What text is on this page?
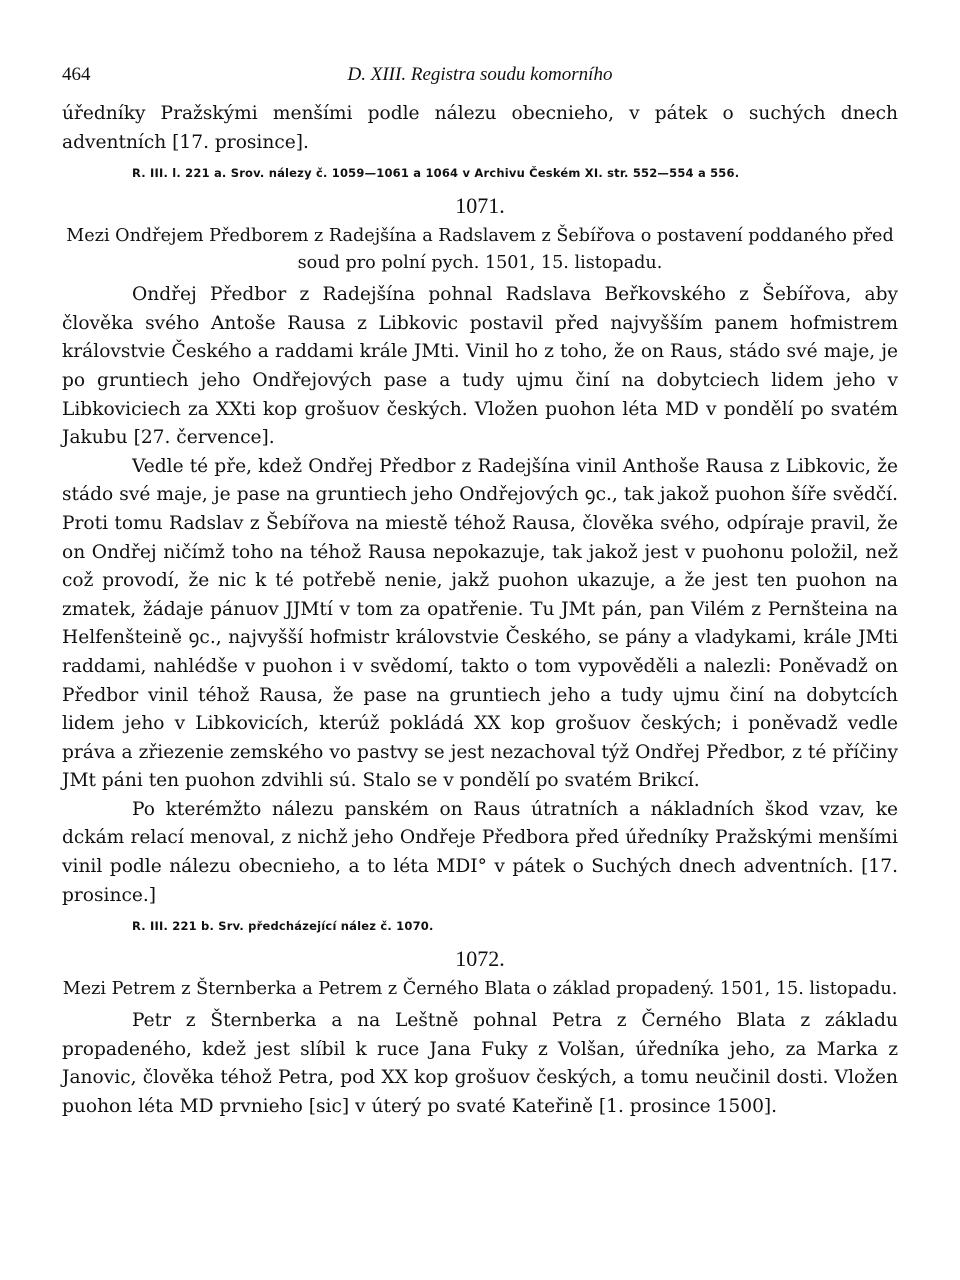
464	D. XIII. Registra soudu komorního

úředníky Pražskými menšími podle nálezu obecnieho, v pátek o suchých dnech adventních [17. prosince].

R. III. l. 221 a. Srov. nálezy č. 1059—1061 a 1064 v Archivu Českém XI. str. 552—554 a 556.
1071.
Mezi Ondřejem Předborem z Radejšína a Radslavem z Šebířova o postavení poddaného před soud pro polní pych. 1501, 15. listopadu.

Ondřej Předbor z Radejšína pohnal Radslava Beřkovského z Šebířova, aby člověka svého Antoše Rausa z Libkovic postavil před najvyšším panem hofmistrem královstvie Českého a raddami krále JMti. Vinil ho z toho, že on Raus, stádo své maje, je po gruntiech jeho Ondřejových pase a tudy ujmu činí na dobytciech lidem jeho v Libkoviciech za XXti kop grošuov českých. Vložen puohon léta MD v pondělí po svatém Jakubu [27. července].

Vedle té pře, kdež Ondřej Předbor z Radejšína vinil Anthoše Rausa z Libkovic, že stádo své maje, je pase na gruntiech jeho Ondřejových ꝯc., tak jakož puohon šíře svědčí. Proti tomu Radslav z Šebířova na miestě téhož Rausa, člověka svého, odpíraje pravil, že on Ondřej ničímž toho na téhož Rausa nepokazuje, tak jakož jest v puohonu položil, než což provodí, že nic k té potřebě nenie, jakž puohon ukazuje, a že jest ten puohon na zmatek, žádaje pánuov JJMtí v tom za opatřenie. Tu JMt pán, pan Vilém z Pernšteina na Helfenšteině ꝯc., najvyšší hofmistr královstvie Českého, se pány a vladykami, krále JMti raddami, nahlédše v puohon i v svědomí, takto o tom vypověděli a nalezli: Poněvadž on Předbor vinil téhož Rausa, že pase na gruntiech jeho a tudy ujmu činí na dobytcích lidem jeho v Libkovicích, kterúž pokládá XX kop grošuov českých; i poněvadž vedle práva a zřiezenie zemského vo pastvy se jest nezachoval týž Ondřej Předbor, z té příčiny JMt páni ten puohon zdvihli sú. Stalo se v pondělí po svatém Brikcí.

Po kterémžto nálezu panském on Raus útratních a nákladních škod vzav, ke dckám relací menoval, z nichž jeho Ondřeje Předbora před úředníky Pražskými menšími vinil podle nálezu obecnieho, a to léta MDI° v pátek o Suchých dnech adventních. [17. prosince.]

R. III. 221 b. Srv. předcházející nález č. 1070.
1072.
Mezi Petrem z Šternberka a Petrem z Černého Blata o základ propadený. 1501, 15. listopadu.

Petr z Šternberka a na Leštně pohnal Petra z Černého Blata z základu propadeného, kdež jest slíbil k ruce Jana Fuky z Volšan, úředníka jeho, za Marka z Janovic, člověka téhož Petra, pod XX kop grošuov českých, a tomu neučinil dosti. Vložen puohon léta MD prvnieho [sic] v úterý po svaté Kateřině [1. prosince 1500].
